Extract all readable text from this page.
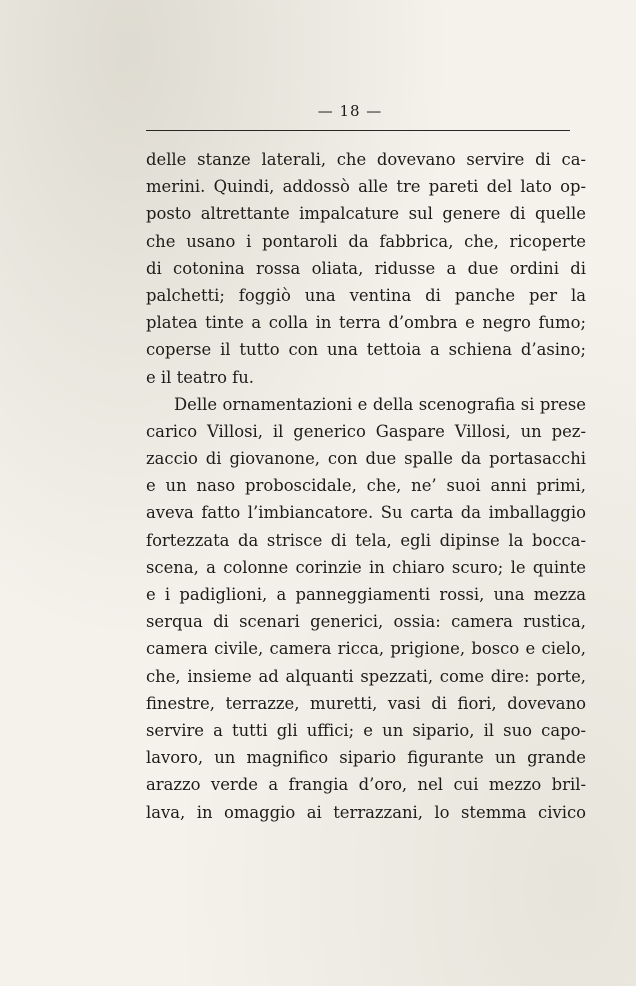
— 18 —
delle stanze laterali, che dovevano servire di ca-
merini. Quindi, addossò alle tre pareti del lato op-
posto altrettante impalcature sul genere di quelle
che usano i pontaroli da fabbrica, che, ricoperte
di cotonina rossa oliata, ridusse a due ordini di
palchetti; foggiò una ventina di panche per la
platea tinte a colla in terra d’ombra e negro fumo;
coperse il tutto con una tettoia a schiena d’asino;
e il teatro fu.
Delle ornamentazioni e della scenografia si prese
carico Villosi, il generico Gaspare Villosi, un pez-
zaccio di giovanone, con due spalle da portasacchi
e un naso proboscidale, che, ne’ suoi anni primi,
aveva fatto l’imbiancatore. Su carta da imballaggio
fortezzata da strisce di tela, egli dipinse la bocca-
scena, a colonne corinzie in chiaro scuro; le quinte
e i padiglioni, a panneggiamenti rossi, una mezza
serqua di scenari generici, ossia: camera rustica,
camera civile, camera ricca, prigione, bosco e cielo,
che, insieme ad alquanti spezzati, come dire: porte,
finestre, terrazze, muretti, vasi di fiori, dovevano
servire a tutti gli uffici; e un sipario, il suo capo-
lavoro, un magnifico sipario figurante un grande
arazzo verde a frangia d’oro, nel cui mezzo bril-
lava, in omaggio ai terrazzani, lo stemma civico
